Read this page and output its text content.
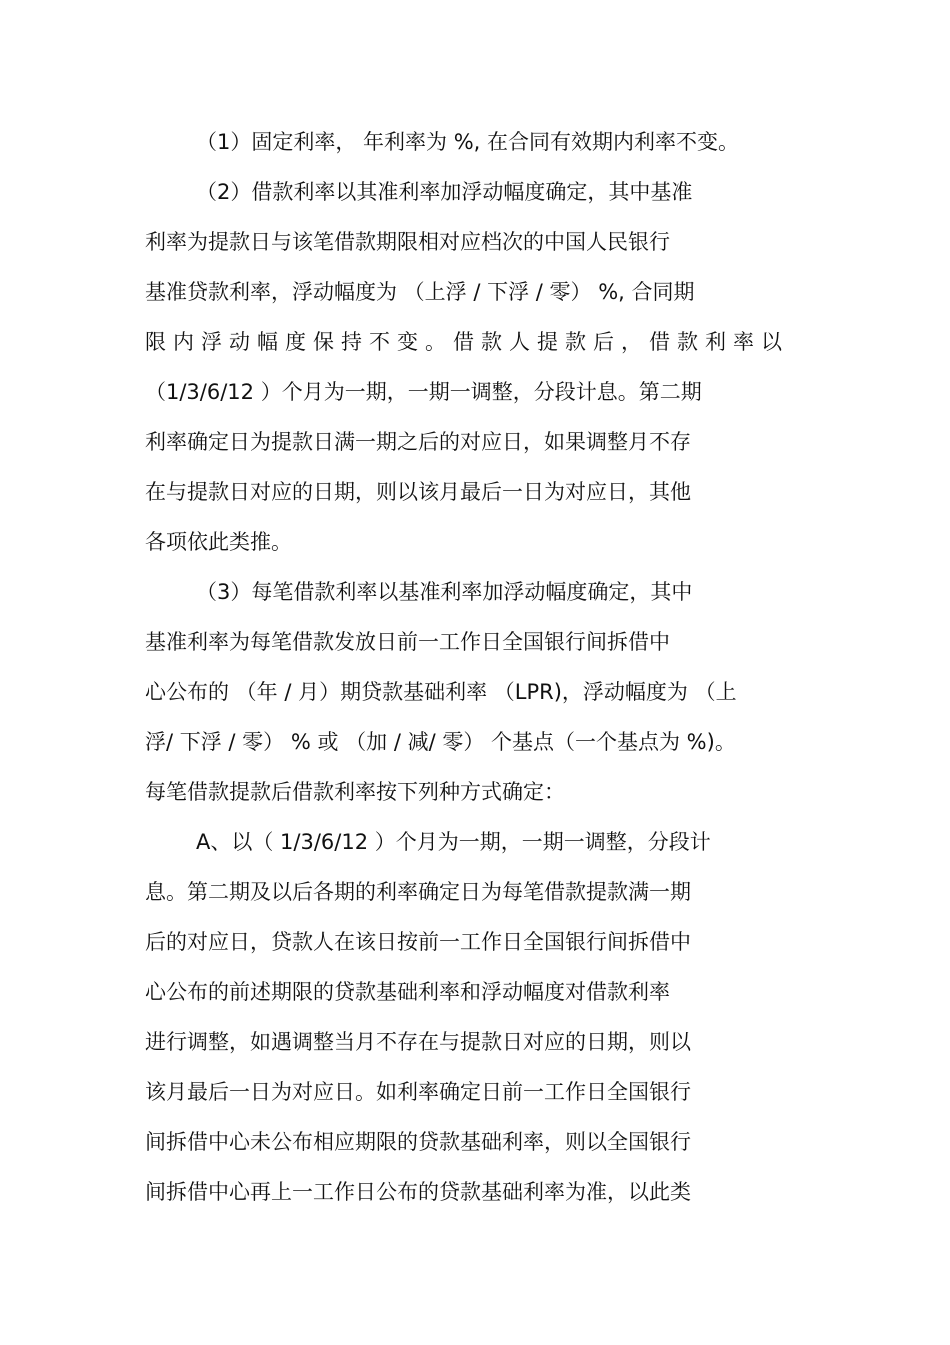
（1）固定利率， 年利率为 %, 在合同有效期内利率不变。
（2）借款利率以其准利率加浮动幅度确定，其中基准
利率为提款日与该笔借款期限相对应档次的中国人民银行
基准贷款利率，浮动幅度为 （上浮 / 下浮 / 零） %, 合同期
限内浮动幅度保持不变。借款人提款后，借款利率以
（1/3/6/12 ）个月为一期，一期一调整，分段计息。第二期
利率确定日为提款日满一期之后的对应日，如果调整月不存
在与提款日对应的日期，则以该月最后一日为对应日，其他
各项依此类推。
（3）每笔借款利率以基准利率加浮动幅度确定，其中
基准利率为每笔借款发放日前一工作日全国银行间拆借中
心公布的 （年 / 月）期贷款基础利率 （LPR)，浮动幅度为 （上
浮/ 下浮 / 零） % 或 （加 / 减/ 零） 个基点（一个基点为 %)。
每笔借款提款后借款利率按下列种方式确定：
A、以（ 1/3/6/12 ）个月为一期，一期一调整，分段计
息。第二期及以后各期的利率确定日为每笔借款提款满一期
后的对应日，贷款人在该日按前一工作日全国银行间拆借中
心公布的前述期限的贷款基础利率和浮动幅度对借款利率
进行调整，如遇调整当月不存在与提款日对应的日期，则以
该月最后一日为对应日。如利率确定日前一工作日全国银行
间拆借中心未公布相应期限的贷款基础利率，则以全国银行
间拆借中心再上一工作日公布的贷款基础利率为准，以此类
